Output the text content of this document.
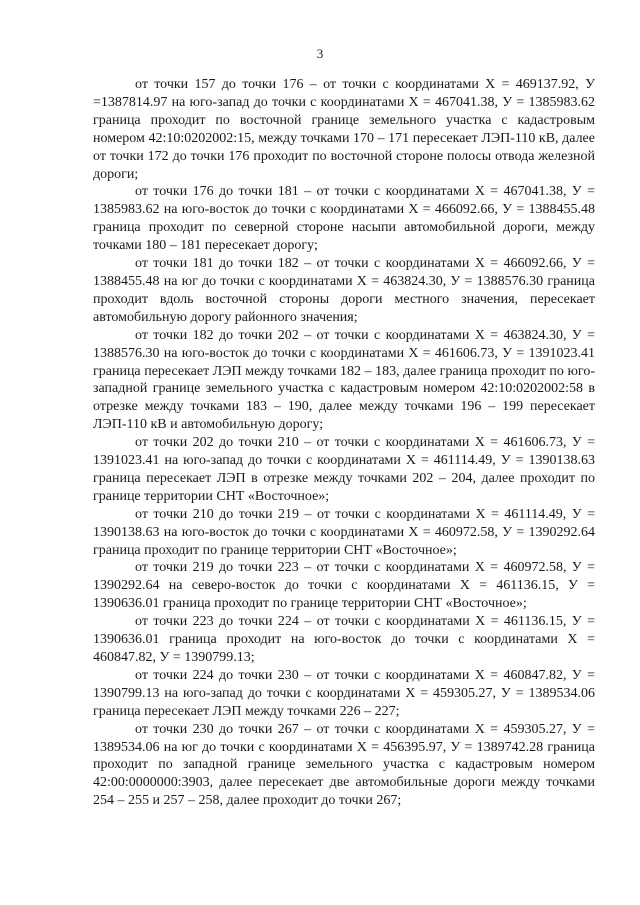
3

от точки 157 до точки 176 – от точки с координатами Х = 469137.92, У =1387814.97 на юго-запад до точки с координатами Х = 467041.38, У = 1385983.62 граница проходит по восточной границе земельного участка с кадастровым номером 42:10:0202002:15, между точками 170 – 171 пересекает ЛЭП-110 кВ, далее от точки 172 до точки 176 проходит по восточной стороне полосы отвода железной дороги;

от точки 176 до точки 181 – от точки с координатами Х = 467041.38, У = 1385983.62 на юго-восток до точки с координатами Х = 466092.66, У = 1388455.48 граница проходит по северной стороне насыпи автомобильной дороги, между точками 180 – 181 пересекает дорогу;

от точки 181 до точки 182 – от точки с координатами Х = 466092.66, У = 1388455.48 на юг до точки с координатами Х = 463824.30, У = 1388576.30 граница проходит вдоль восточной стороны дороги местного значения, пересекает автомобильную дорогу районного значения;

от точки 182 до точки 202 – от точки с координатами Х = 463824.30, У = 1388576.30 на юго-восток до точки с координатами Х = 461606.73, У = 1391023.41 граница пересекает ЛЭП между точками 182 – 183, далее граница проходит по юго-западной границе земельного участка с кадастровым номером 42:10:0202002:58 в отрезке между точками 183 – 190, далее между точками 196 – 199 пересекает ЛЭП-110 кВ и автомобильную дорогу;

от точки 202 до точки 210 – от точки с координатами Х = 461606.73, У = 1391023.41 на юго-запад до точки с координатами Х = 461114.49, У = 1390138.63 граница пересекает ЛЭП в отрезке между точками 202 – 204, далее проходит по границе территории СНТ «Восточное»;

от точки 210 до точки 219 – от точки с координатами Х = 461114.49, У = 1390138.63 на юго-восток до точки с координатами Х = 460972.58, У = 1390292.64 граница проходит по границе территории СНТ «Восточное»;

от точки 219 до точки 223 – от точки с координатами Х = 460972.58, У = 1390292.64 на северо-восток до точки с координатами Х = 461136.15, У = 1390636.01 граница проходит по границе территории СНТ «Восточное»;

от точки 223 до точки 224 – от точки с координатами Х = 461136.15, У = 1390636.01 граница проходит на юго-восток до точки с координатами Х = 460847.82, У = 1390799.13;

от точки 224 до точки 230 – от точки с координатами Х = 460847.82, У = 1390799.13 на юго-запад до точки с координатами Х = 459305.27, У = 1389534.06 граница пересекает ЛЭП между точками 226 – 227;

от точки 230 до точки 267 – от точки с координатами Х = 459305.27, У = 1389534.06 на юг до точки с координатами Х = 456395.97, У = 1389742.28 граница проходит по западной границе земельного участка с кадастровым номером 42:00:0000000:3903, далее пересекает две автомобильные дороги между точками 254 – 255 и 257 – 258, далее проходит до точки 267;
